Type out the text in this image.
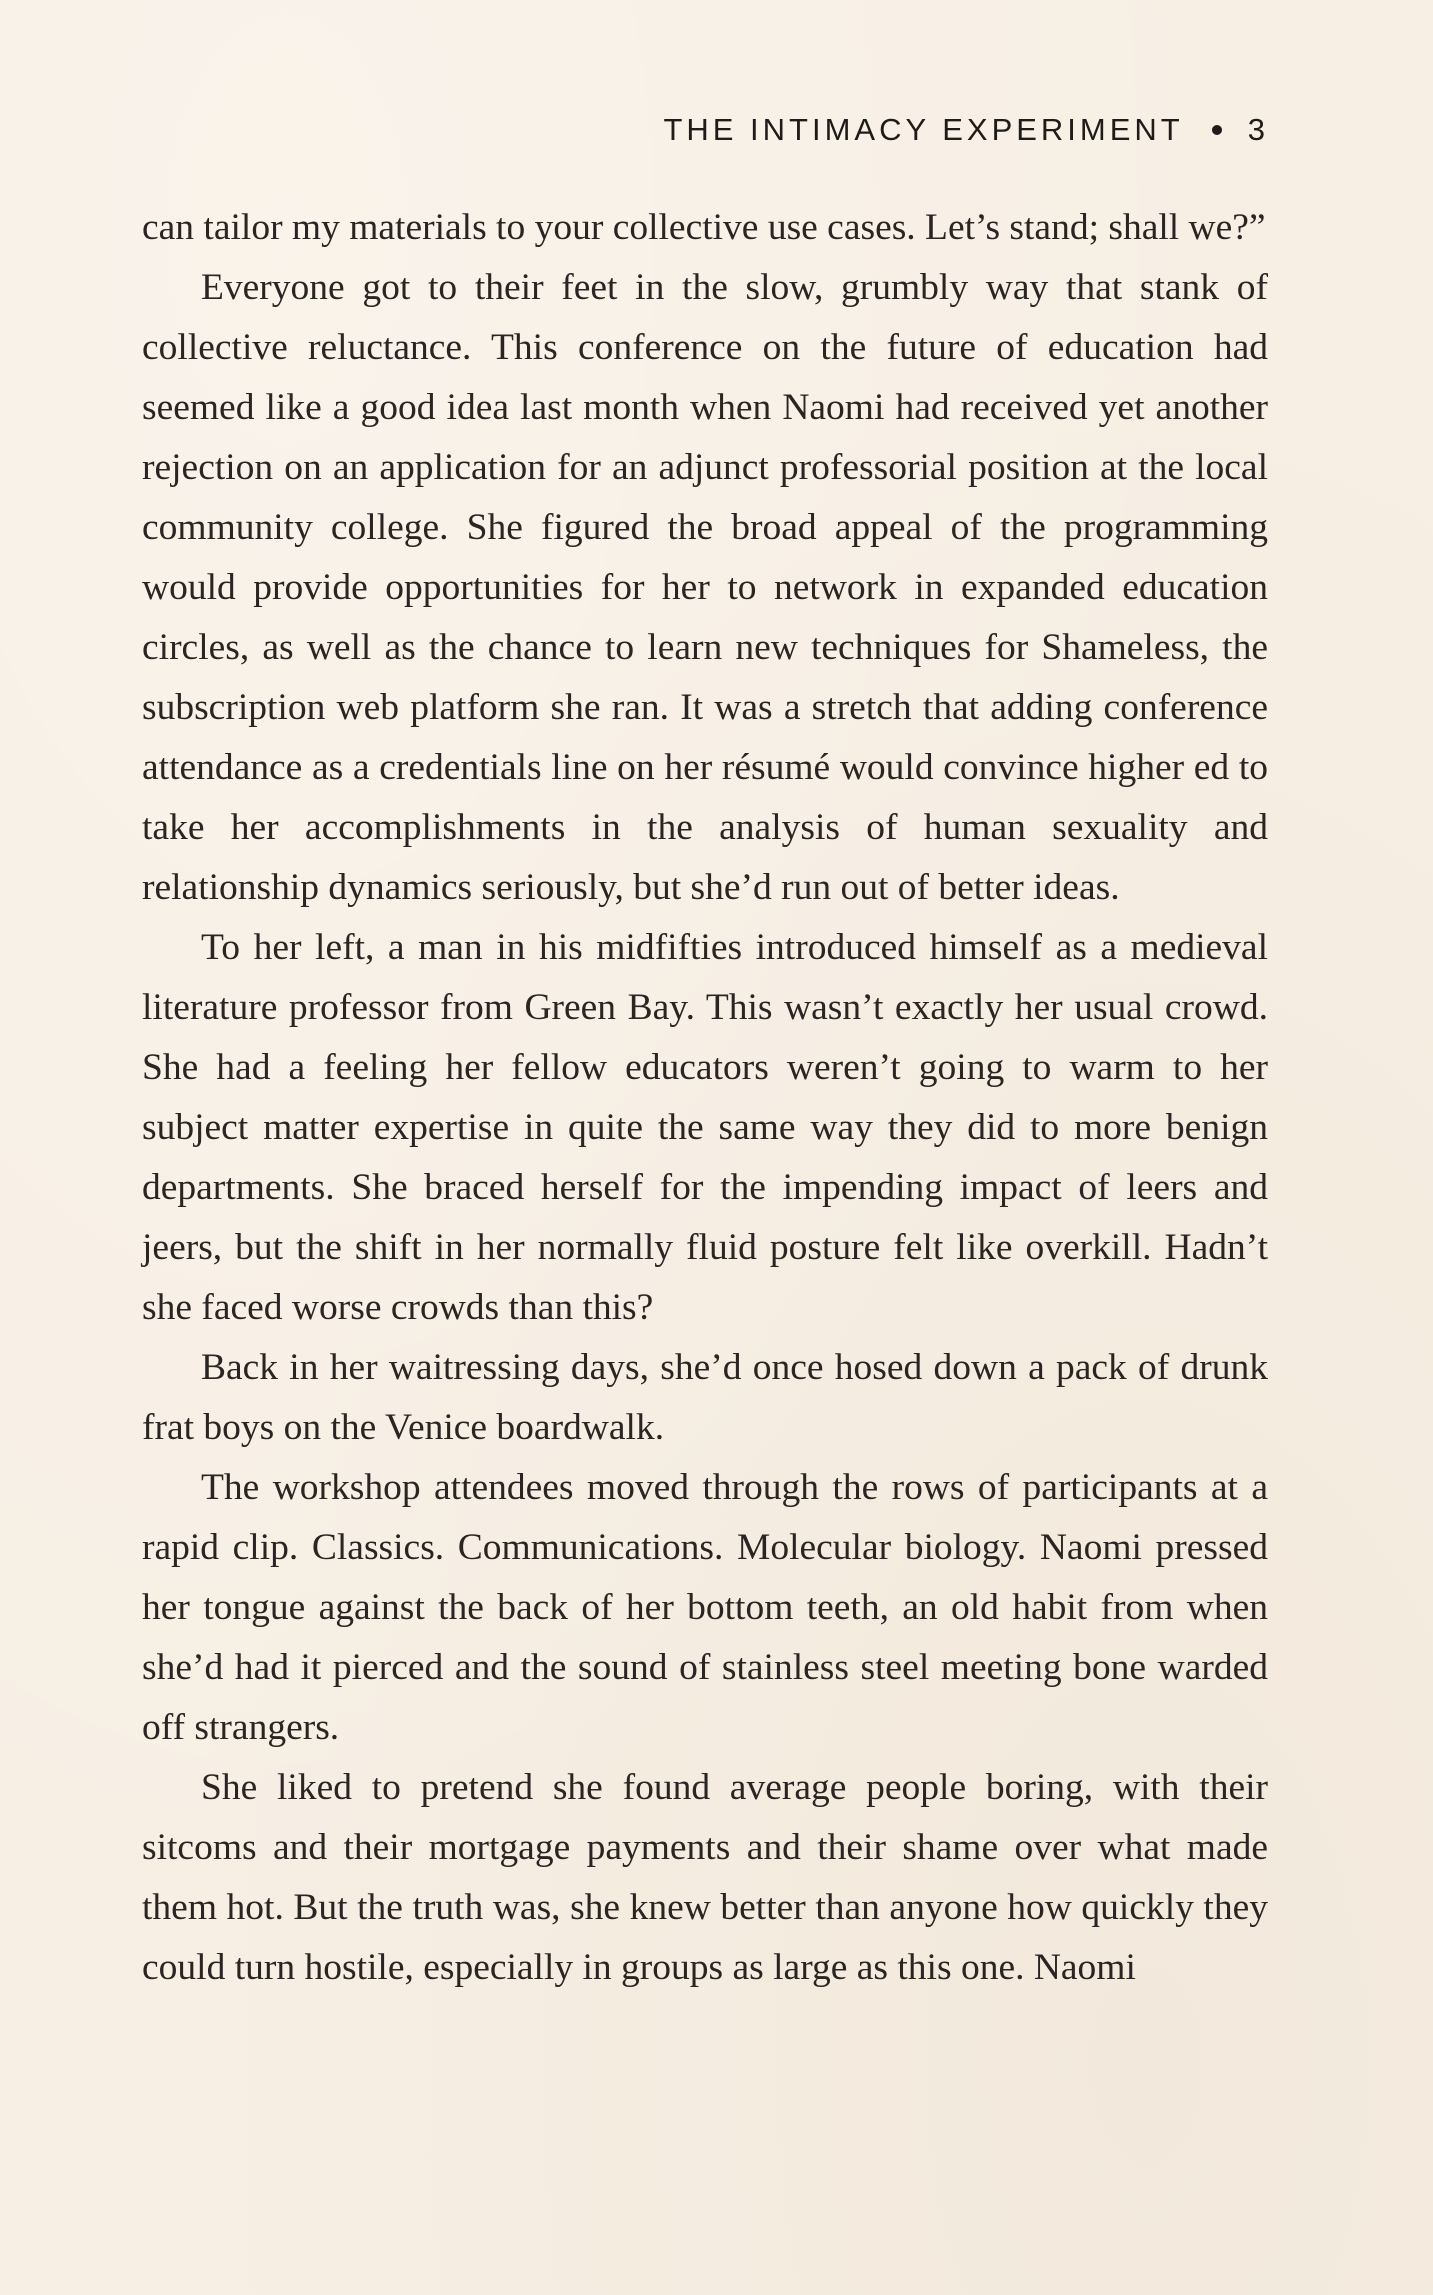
THE INTIMACY EXPERIMENT 3

can tailor my materials to your collective use cases. Let’s stand; shall we?”

Everyone got to their feet in the slow, grumbly way that stank of collective reluctance. This conference on the future of education had seemed like a good idea last month when Naomi had received yet another rejection on an application for an adjunct professorial position at the local community college. She figured the broad appeal of the programming would provide opportunities for her to network in expanded education circles, as well as the chance to learn new techniques for Shameless, the subscription web platform she ran. It was a stretch that adding conference attendance as a credentials line on her résumé would convince higher ed to take her accomplishments in the analysis of human sexuality and relationship dynamics seriously, but she’d run out of better ideas.

To her left, a man in his midfifties introduced himself as a medieval literature professor from Green Bay. This wasn’t exactly her usual crowd. She had a feeling her fellow educators weren’t going to warm to her subject matter expertise in quite the same way they did to more benign departments. She braced herself for the impending impact of leers and jeers, but the shift in her normally fluid posture felt like overkill. Hadn’t she faced worse crowds than this?

Back in her waitressing days, she’d once hosed down a pack of drunk frat boys on the Venice boardwalk.

The workshop attendees moved through the rows of participants at a rapid clip. Classics. Communications. Molecular biology. Naomi pressed her tongue against the back of her bottom teeth, an old habit from when she’d had it pierced and the sound of stainless steel meeting bone warded off strangers.

She liked to pretend she found average people boring, with their sitcoms and their mortgage payments and their shame over what made them hot. But the truth was, she knew better than anyone how quickly they could turn hostile, especially in groups as large as this one. Naomi
